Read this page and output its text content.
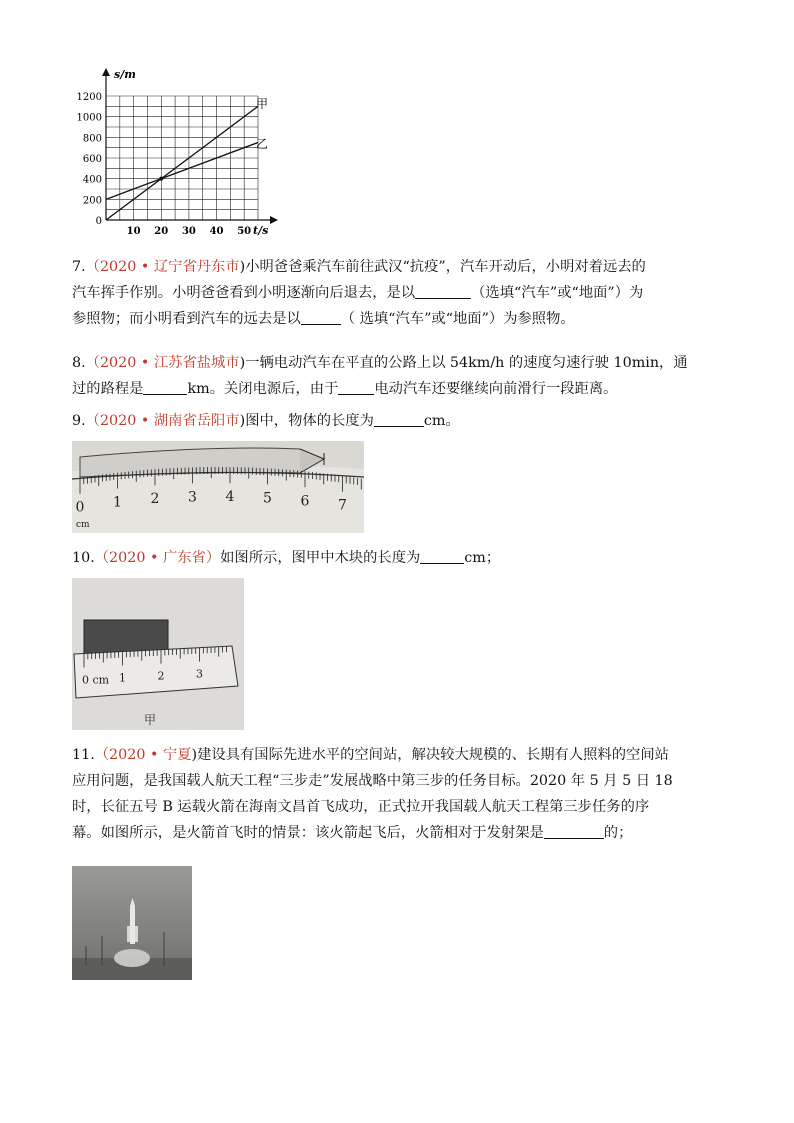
s/m
t/s
1200
1000
800
600
400
200
0
10 20 30 40 50
甲
乙
7.（2020 • 辽宁省丹东市)小明爸爸乘汽车前往武汉“抗疫”，汽车开动后，小明对着远去的
汽车挥手作别。小明爸爸看到小明逐渐向后退去，是以	（选填“汽车”或“地面”）为
参照物；而小明看到汽车的远去是以	（ 选填“汽车”或“地面”）为参照物。
8.（2020 • 江苏省盐城市)一辆电动汽车在平直的公路上以 54km/h 的速度匀速行驶 10min，通
过的路程是	km。关闭电源后，由于	电动汽车还要继续向前滑行一段距离。
9.（2020 • 湖南省岳阳市)图中，物体的长度为	cm。
0 1 2 3 4 5 6 7
cm
10.（2020 • 广东省）如图所示，图甲中木块的长度为	cm；
0 cm 1	2	3
甲
11.（2020 • 宁夏)建设具有国际先进水平的空间站，解决较大规模的、长期有人照料的空间站
应用问题，是我国载人航天工程“三步走”发展战略中第三步的任务目标。2020 年 5 月 5 日 18
时，长征五号 B 运载火箭在海南文昌首飞成功，正式拉开我国载人航天工程第三步任务的序
幕。如图所示，是火箭首飞时的情景：该火箭起飞后，火箭相对于发射架是	的；
